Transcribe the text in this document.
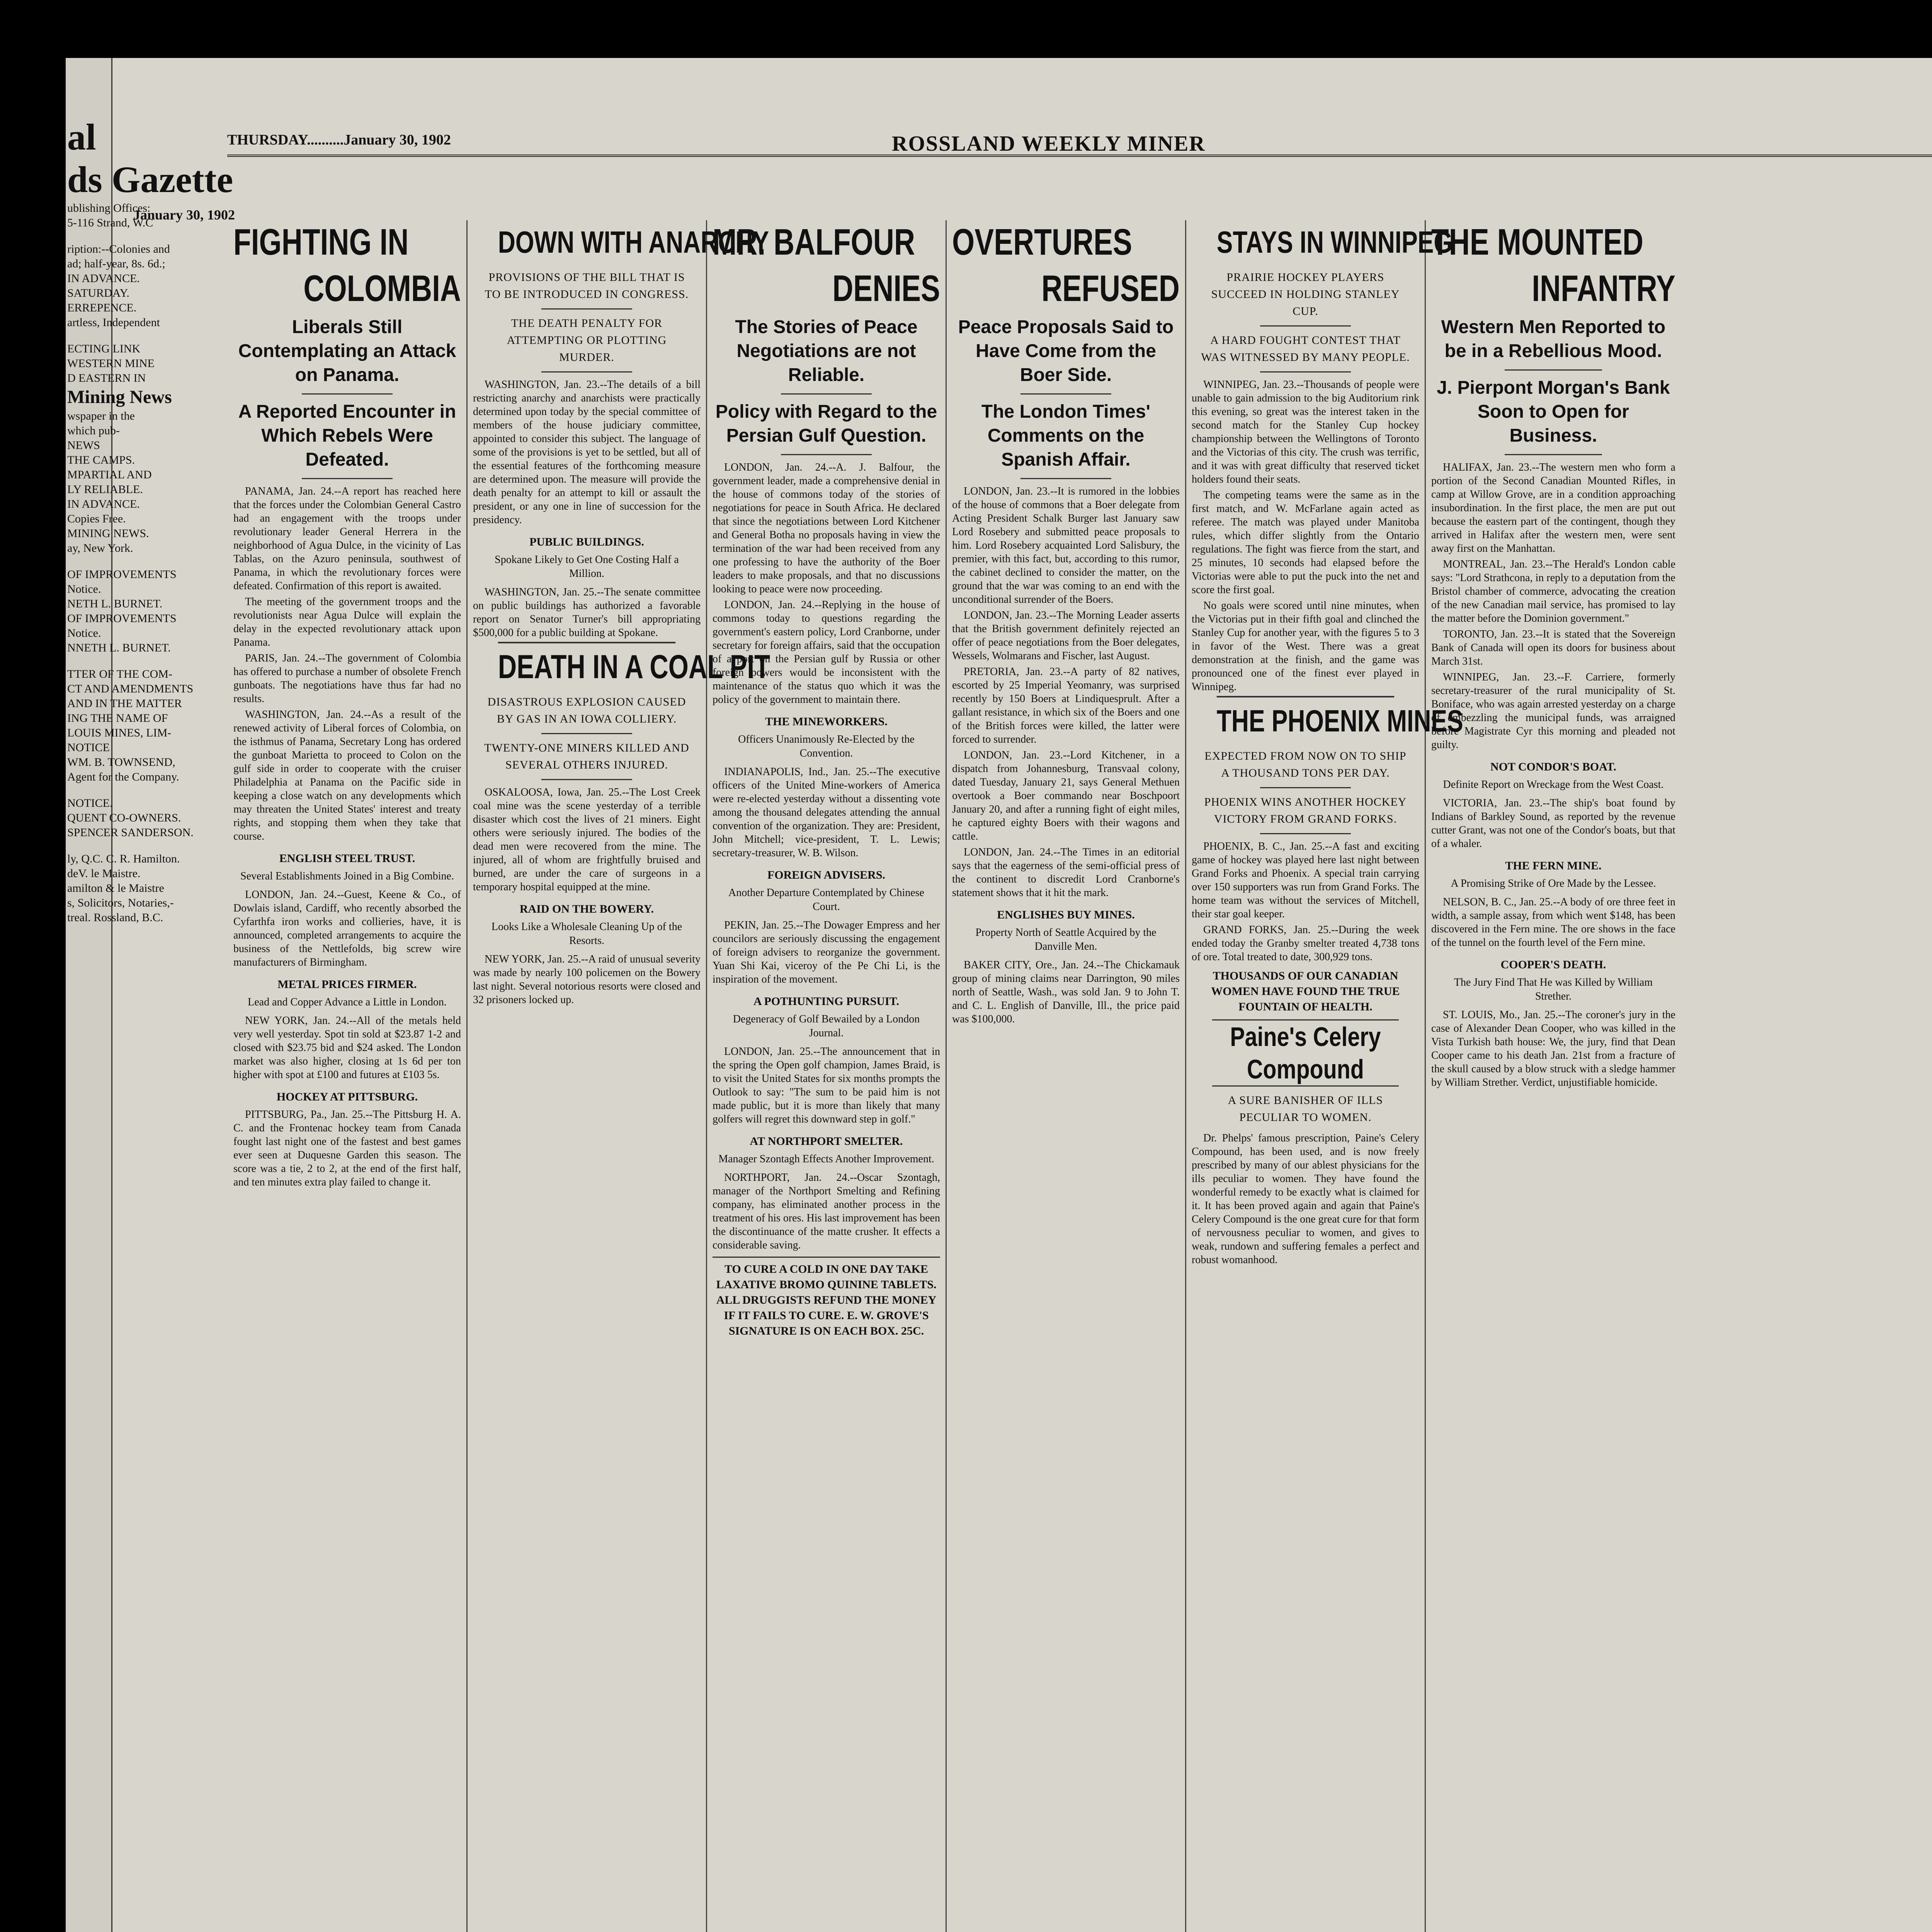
al
ds Gazette
ublishing Offices:
5-116 Strand, W.C
ription:--Colonies and
ad; half-year, 8s. 6d.;
IN ADVANCE.
SATURDAY.
ERREPENCE.
artless, Independent
ECTING LINK
WESTERN MINE
D EASTERN IN
Mining News
wspaper in the
which pub-
NEWS
THE CAMPS.
MPARTIAL AND
LY RELIABLE.
IN ADVANCE.
Copies Free.
MINING NEWS.
ay, New York.
OF IMPROVEMENTS
Notice.
NETH L. BURNET.
OF IMPROVEMENTS
Notice.
NNETH L. BURNET.
TTER OF THE COM-
CT AND AMENDMENTS
AND IN THE MATTER
ING THE NAME OF
LOUIS MINES, LIM-
NOTICE
WM. B. TOWNSEND,
Agent for the Company.
NOTICE.
QUENT CO-OWNERS.
SPENCER SANDERSON.
ly, Q.C. C. R. Hamilton.
deV. le Maistre.
amilton & le Maistre
s, Solicitors, Notaries,-
treal. Rossland, B.C.
January 30, 1902
THURSDAY..........January 30, 1902	ROSSLAND WEEKLY MINER
FIGHTING IN
COLOMBIA
Liberals Still Contemplating an Attack on Panama.
A Reported Encounter in Which Rebels Were Defeated.

PANAMA, Jan. 24.--A report has reached here that the forces under the Colombian General Castro had an engagement with the troops under revolutionary leader General Herrera in the neighborhood of Agua Dulce, in the vicinity of Las Tablas, on the Azuro peninsula, southwest of Panama, in which the revolutionary forces were defeated. Confirmation of this report is awaited.

The meeting of the government troops and the revolutionists near Agua Dulce will explain the delay in the expected revolutionary attack upon Panama.

PARIS, Jan. 24.--The government of Colombia has offered to purchase a number of obsolete French gunboats. The negotiations have thus far had no results.

WASHINGTON, Jan. 24.--As a result of the renewed activity of Liberal forces of Colombia, on the isthmus of Panama, Secretary Long has ordered the gunboat Marietta to proceed to Colon on the gulf side in order to cooperate with the cruiser Philadelphia at Panama on the Pacific side in keeping a close watch on any developments which may threaten the United States' interest and treaty rights, and stopping them when they take that course.

ENGLISH STEEL TRUST.
Several Establishments Joined in a Big Combine.

LONDON, Jan. 24.--Guest, Keene & Co., of Dowlais island, Cardiff, who recently absorbed the Cyfarthfa iron works and collieries, have, it is announced, completed arrangements to acquire the business of the Nettlefolds, big screw wire manufacturers of Birmingham.

METAL PRICES FIRMER.
Lead and Copper Advance a Little in London.

NEW YORK, Jan. 24.--All of the metals held very well yesterday. Spot tin sold at $23.87 1-2 and closed with $23.75 bid and $24 asked. The London market was also higher, closing at 1s 6d per ton higher with spot at £100 and futures at £103 5s.

HOCKEY AT PITTSBURG.

PITTSBURG, Pa., Jan. 25.--The Pittsburg H. A. C. and the Frontenac hockey team from Canada fought last night one of the fastest and best games ever seen at Duquesne Garden this season. The score was a tie, 2 to 2, at the end of the first half, and ten minutes extra play failed to change it.

DOWN WITH ANARCHY
PROVISIONS OF THE BILL THAT IS TO BE INTRODUCED IN CONGRESS.
THE DEATH PENALTY FOR ATTEMPTING OR PLOTTING MURDER.

WASHINGTON, Jan. 23.--The details of a bill restricting anarchy and anarchists were practically determined upon today by the special committee of members of the house judiciary committee, appointed to consider this subject. The language of some of the provisions is yet to be settled, but all of the essential features of the forthcoming measure are determined upon. The measure will provide the death penalty for an attempt to kill or assault the president, or any one in line of succession for the presidency.

PUBLIC BUILDINGS.
Spokane Likely to Get One Costing Half a Million.

WASHINGTON, Jan. 25.--The senate committee on public buildings has authorized a favorable report on Senator Turner's bill appropriating $500,000 for a public building at Spokane.

DEATH IN A COAL PIT
DISASTROUS EXPLOSION CAUSED BY GAS IN AN IOWA COLLIERY.
TWENTY-ONE MINERS KILLED AND SEVERAL OTHERS INJURED.

OSKALOOSA, Iowa, Jan. 25.--The Lost Creek coal mine was the scene yesterday of a terrible disaster which cost the lives of 21 miners. Eight others were seriously injured. The bodies of the dead men were recovered from the mine. The injured, all of whom are frightfully bruised and burned, are under the care of surgeons in a temporary hospital equipped at the mine.

RAID ON THE BOWERY.
Looks Like a Wholesale Cleaning Up of the Resorts.

NEW YORK, Jan. 25.--A raid of unusual severity was made by nearly 100 policemen on the Bowery last night. Several notorious resorts were closed and 32 prisoners locked up.

MR. BALFOUR
DENIES
The Stories of Peace Negotiations are not Reliable.
Policy with Regard to the Persian Gulf Question.

LONDON, Jan. 24.--A. J. Balfour, the government leader, made a comprehensive denial in the house of commons today of the stories of negotiations for peace in South Africa. He declared that since the negotiations between Lord Kitchener and General Botha no proposals having in view the termination of the war had been received from any one professing to have the authority of the Boer leaders to make proposals, and that no discussions looking to peace were now proceeding.

LONDON, Jan. 24.--Replying in the house of commons today to questions regarding the government's eastern policy, Lord Cranborne, under secretary for foreign affairs, said that the occupation of a port on the Persian gulf by Russia or other foreign powers would be inconsistent with the maintenance of the status quo which it was the policy of the government to maintain there.

THE MINEWORKERS.
Officers Unanimously Re-Elected by the Convention.

INDIANAPOLIS, Ind., Jan. 25.--The executive officers of the United Mine-workers of America were re-elected yesterday without a dissenting vote among the thousand delegates attending the annual convention of the organization. They are: President, John Mitchell; vice-president, T. L. Lewis; secretary-treasurer, W. B. Wilson.

FOREIGN ADVISERS.
Another Departure Contemplated by Chinese Court.

PEKIN, Jan. 25.--The Dowager Empress and her councilors are seriously discussing the engagement of foreign advisers to reorganize the government. Yuan Shi Kai, viceroy of the Pe Chi Li, is the inspiration of the movement.

A POTHUNTING PURSUIT.
Degeneracy of Golf Bewailed by a London Journal.

LONDON, Jan. 25.--The announcement that in the spring the Open golf champion, James Braid, is to visit the United States for six months prompts the Outlook to say: "The sum to be paid him is not made public, but it is more than likely that many golfers will regret this downward step in golf."

AT NORTHPORT SMELTER.
Manager Szontagh Effects Another Improvement.

NORTHPORT, Jan. 24.--Oscar Szontagh, manager of the Northport Smelting and Refining company, has eliminated another process in the treatment of his ores. His last improvement has been the discontinuance of the matte crusher. It effects a considerable saving.

TO CURE A COLD IN ONE DAY TAKE LAXATIVE BROMO QUININE TABLETS. ALL DRUGGISTS REFUND THE MONEY IF IT FAILS TO CURE. E. W. GROVE'S SIGNATURE IS ON EACH BOX. 25C.
OVERTURES
REFUSED
Peace Proposals Said to Have Come from the Boer Side.
The London Times' Comments on the Spanish Affair.

LONDON, Jan. 23.--It is rumored in the lobbies of the house of commons that a Boer delegate from Acting President Schalk Burger last January saw Lord Rosebery and submitted peace proposals to him. Lord Rosebery acquainted Lord Salisbury, the premier, with this fact, but, according to this rumor, the cabinet declined to consider the matter, on the ground that the war was coming to an end with the unconditional surrender of the Boers.

LONDON, Jan. 23.--The Morning Leader asserts that the British government definitely rejected an offer of peace negotiations from the Boer delegates, Wessels, Wolmarans and Fischer, last August.

PRETORIA, Jan. 23.--A party of 82 natives, escorted by 25 Imperial Yeomanry, was surprised recently by 150 Boers at Lindiquesprult. After a gallant resistance, in which six of the Boers and one of the British forces were killed, the latter were forced to surrender.

LONDON, Jan. 23.--Lord Kitchener, in a dispatch from Johannesburg, Transvaal colony, dated Tuesday, January 21, says General Methuen overtook a Boer commando near Boschpoort January 20, and after a running fight of eight miles, he captured eighty Boers with their wagons and cattle.

LONDON, Jan. 24.--The Times in an editorial says that the eagerness of the semi-official press of the continent to discredit Lord Cranborne's statement shows that it hit the mark.

ENGLISHES BUY MINES.
Property North of Seattle Acquired by the Danville Men.

BAKER CITY, Ore., Jan. 24.--The Chickamauk group of mining claims near Darrington, 90 miles north of Seattle, Wash., was sold Jan. 9 to John T. and C. L. English of Danville, Ill., the price paid was $100,000.

STAYS IN WINNIPEG
PRAIRIE HOCKEY PLAYERS SUCCEED IN HOLDING STANLEY CUP.
A HARD FOUGHT CONTEST THAT WAS WITNESSED BY MANY PEOPLE.

WINNIPEG, Jan. 23.--Thousands of people were unable to gain admission to the big Auditorium rink this evening, so great was the interest taken in the second match for the Stanley Cup hockey championship between the Wellingtons of Toronto and the Victorias of this city. The crush was terrific, and it was with great difficulty that reserved ticket holders found their seats.

The competing teams were the same as in the first match, and W. McFarlane again acted as referee. The match was played under Manitoba rules, which differ slightly from the Ontario regulations. The fight was fierce from the start, and 25 minutes, 10 seconds had elapsed before the Victorias were able to put the puck into the net and score the first goal.

No goals were scored until nine minutes, when the Victorias put in their fifth goal and clinched the Stanley Cup for another year, with the figures 5 to 3 in favor of the West. There was a great demonstration at the finish, and the game was pronounced one of the finest ever played in Winnipeg.

THE PHOENIX MINES
EXPECTED FROM NOW ON TO SHIP A THOUSAND TONS PER DAY.
PHOENIX WINS ANOTHER HOCKEY VICTORY FROM GRAND FORKS.

PHOENIX, B. C., Jan. 25.--A fast and exciting game of hockey was played here last night between Grand Forks and Phoenix. A special train carrying over 150 supporters was run from Grand Forks. The home team was without the services of Mitchell, their star goal keeper.

GRAND FORKS, Jan. 25.--During the week ended today the Granby smelter treated 4,738 tons of ore. Total treated to date, 300,929 tons.

THOUSANDS OF OUR CANADIAN WOMEN HAVE FOUND THE TRUE FOUNTAIN OF HEALTH.
Paine's Celery Compound
A SURE BANISHER OF ILLS PECULIAR TO WOMEN.

Dr. Phelps' famous prescription, Paine's Celery Compound, has been used, and is now freely prescribed by many of our ablest physicians for the ills peculiar to women. They have found the wonderful remedy to be exactly what is claimed for it. It has been proved again and again that Paine's Celery Compound is the one great cure for that form of nervousness peculiar to women, and gives to weak, rundown and suffering females a perfect and robust womanhood.

THE MOUNTED
INFANTRY
Western Men Reported to be in a Rebellious Mood.
J. Pierpont Morgan's Bank Soon to Open for Business.

HALIFAX, Jan. 23.--The western men who form a portion of the Second Canadian Mounted Rifles, in camp at Willow Grove, are in a condition approaching insubordination. In the first place, the men are put out because the eastern part of the contingent, though they arrived in Halifax after the western men, were sent away first on the Manhattan.

MONTREAL, Jan. 23.--The Herald's London cable says: "Lord Strathcona, in reply to a deputation from the Bristol chamber of commerce, advocating the creation of the new Canadian mail service, has promised to lay the matter before the Dominion government."

TORONTO, Jan. 23.--It is stated that the Sovereign Bank of Canada will open its doors for business about March 31st.

WINNIPEG, Jan. 23.--F. Carriere, formerly secretary-treasurer of the rural municipality of St. Boniface, who was again arrested yesterday on a charge of embezzling the municipal funds, was arraigned before Magistrate Cyr this morning and pleaded not guilty.

NOT CONDOR'S BOAT.
Definite Report on Wreckage from the West Coast.

VICTORIA, Jan. 23.--The ship's boat found by Indians of Barkley Sound, as reported by the revenue cutter Grant, was not one of the Condor's boats, but that of a whaler.

THE FERN MINE.
A Promising Strike of Ore Made by the Lessee.

NELSON, B. C., Jan. 25.--A body of ore three feet in width, a sample assay, from which went $148, has been discovered in the Fern mine. The ore shows in the face of the tunnel on the fourth level of the Fern mine.

COOPER'S DEATH.
The Jury Find That He was Killed by William Strether.

ST. LOUIS, Mo., Jan. 25.--The coroner's jury in the case of Alexander Dean Cooper, who was killed in the Vista Turkish bath house: We, the jury, find that Dean Cooper came to his death Jan. 21st from a fracture of the skull caused by a blow struck with a sledge hammer by William Strether. Verdict, unjustifiable homicide.
